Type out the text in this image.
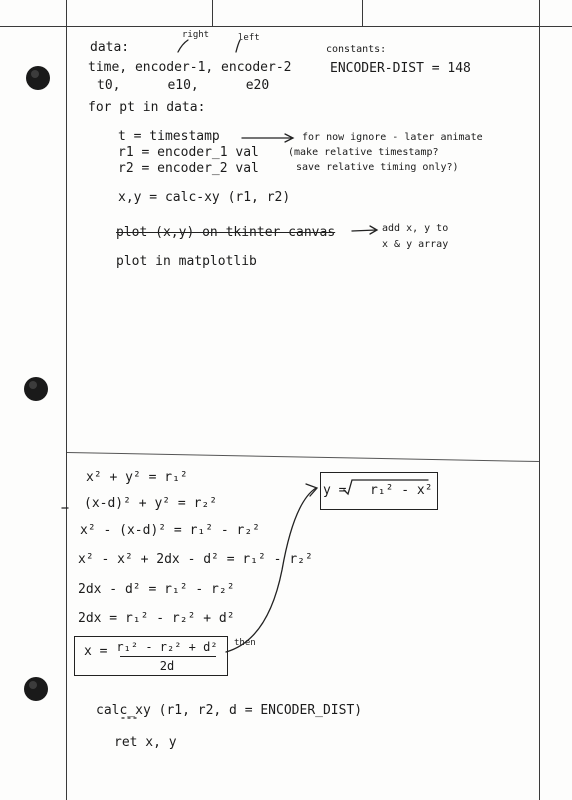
data:
right	left
time, encoder-1, encoder-2
t0,      e10,      e20
constants:
ENCODER-DIST = 148
for pt in data:
t = timestamp
r1 = encoder_1 val
r2 = encoder_2 val
for now ignore - later animate
(make relative timestamp?
save relative timing only?)
x,y = calc-xy (r1, r2)
plot (x,y) on tkinter canvas	add x, y to
x & y array
plot in matplotlib
x² + y² = r₁²
(x-d)² + y² = r₂²
x² - (x-d)² = r₁² - r₂²
x² - x² + 2dx - d² = r₁² - r₂²
2dx - d² = r₁² - r₂²
2dx = r₁² - r₂² + d²
then
x = r₁² - r₂² + d²
2d
y =   r₁² - x²
calc_xy (r1, r2, d = ENCODER_DIST)
ret x, y
